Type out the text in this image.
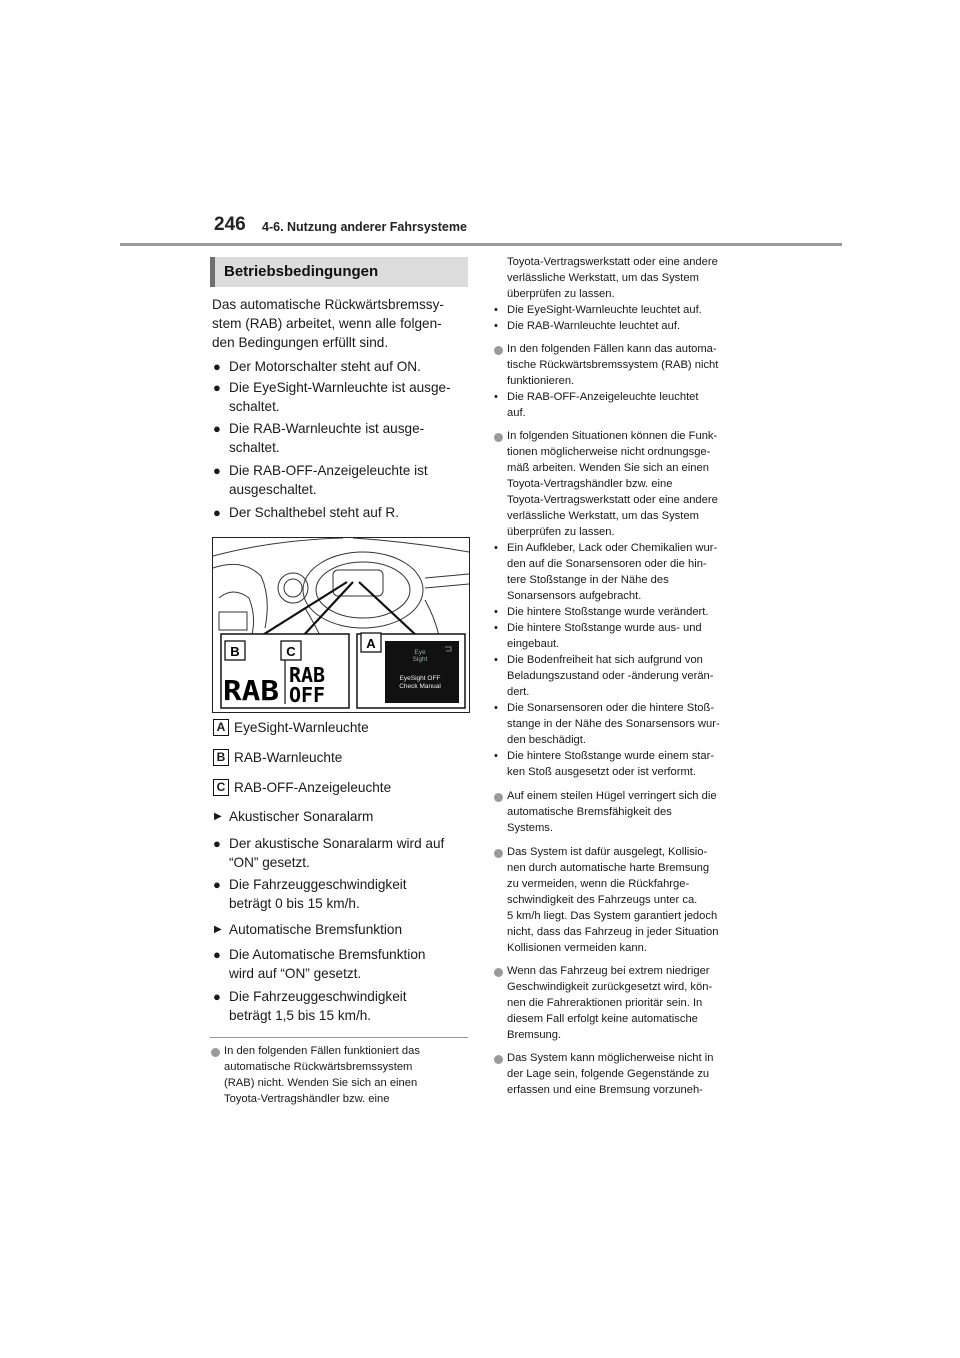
246 4-6. Nutzung anderer Fahrsysteme
Betriebsbedingungen
Das automatische Rückwärtsbremssy-
stem (RAB) arbeitet, wenn alle folgen-
den Bedingungen erfüllt sind.
● Der Motorschalter steht auf ON.
● Die EyeSight-Warnleuchte ist ausge-
schaltet.
● Die RAB-Warnleuchte ist ausge-
schaltet.
● Die RAB-OFF-Anzeigeleuchte ist
ausgeschaltet.
● Der Schalthebel steht auf R.
B	C
A
RAB RAB
OFF
Eye
Sight
EyeSight OFF
Check Manual
A EyeSight-Warnleuchte
B RAB-Warnleuchte
C RAB-OFF-Anzeigeleuchte
▶ Akustischer Sonaralarm
● Der akustische Sonaralarm wird auf
“ON” gesetzt.
● Die Fahrzeuggeschwindigkeit
beträgt 0 bis 15 km/h.
▶ Automatische Bremsfunktion
● Die Automatische Bremsfunktion
wird auf “ON” gesetzt.
● Die Fahrzeuggeschwindigkeit
beträgt 1,5 bis 15 km/h.
In den folgenden Fällen funktioniert das
automatische Rückwärtsbremssystem
(RAB) nicht. Wenden Sie sich an einen
Toyota-Vertragshändler bzw. eine
Toyota-Vertragswerkstatt oder eine andere
verlässliche Werkstatt, um das System
überprüfen zu lassen.
• Die EyeSight-Warnleuchte leuchtet auf.
• Die RAB-Warnleuchte leuchtet auf.
In den folgenden Fällen kann das automa-
tische Rückwärtsbremssystem (RAB) nicht
funktionieren.
• Die RAB-OFF-Anzeigeleuchte leuchtet
auf.
In folgenden Situationen können die Funk-
tionen möglicherweise nicht ordnungsge-
mäß arbeiten. Wenden Sie sich an einen
Toyota-Vertragshändler bzw. eine
Toyota-Vertragswerkstatt oder eine andere
verlässliche Werkstatt, um das System
überprüfen zu lassen.
• Ein Aufkleber, Lack oder Chemikalien wur-
den auf die Sonarsensoren oder die hin-
tere Stoßstange in der Nähe des
Sonarsensors aufgebracht.
• Die hintere Stoßstange wurde verändert.
• Die hintere Stoßstange wurde aus- und
eingebaut.
• Die Bodenfreiheit hat sich aufgrund von
Beladungszustand oder -änderung verän-
dert.
• Die Sonarsensoren oder die hintere Stoß-
stange in der Nähe des Sonarsensors wur-
den beschädigt.
• Die hintere Stoßstange wurde einem star-
ken Stoß ausgesetzt oder ist verformt.
Auf einem steilen Hügel verringert sich die
automatische Bremsfähigkeit des
Systems.
Das System ist dafür ausgelegt, Kollisio-
nen durch automatische harte Bremsung
zu vermeiden, wenn die Rückfahrge-
schwindigkeit des Fahrzeugs unter ca.
5 km/h liegt. Das System garantiert jedoch
nicht, dass das Fahrzeug in jeder Situation
Kollisionen vermeiden kann.
Wenn das Fahrzeug bei extrem niedriger
Geschwindigkeit zurückgesetzt wird, kön-
nen die Fahreraktionen prioritär sein. In
diesem Fall erfolgt keine automatische
Bremsung.
Das System kann möglicherweise nicht in
der Lage sein, folgende Gegenstände zu
erfassen und eine Bremsung vorzuneh-
